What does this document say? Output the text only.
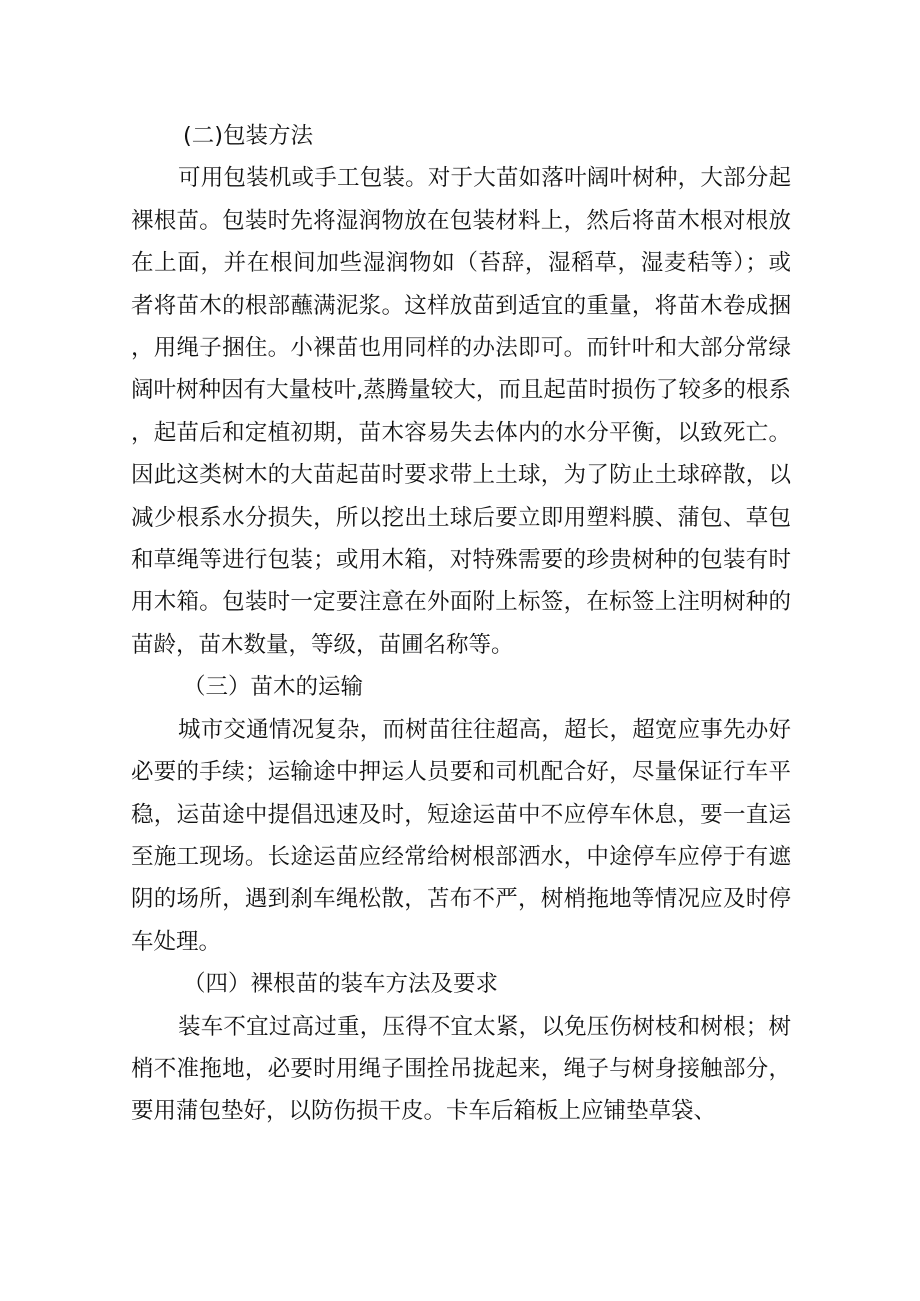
(二)包装方法

可用包装机或手工包装。对于大苗如落叶阔叶树种，大部分起裸根苗。包装时先将湿润物放在包装材料上，然后将苗木根对根放在上面，并在根间加些湿润物如（苔辞，湿稻草，湿麦秸等）；或者将苗木的根部蘸满泥浆。这样放苗到适宜的重量，将苗木卷成捆，用绳子捆住。小裸苗也用同样的办法即可。而针叶和大部分常绿阔叶树种因有大量枝叶,蒸腾量较大，而且起苗时损伤了较多的根系，起苗后和定植初期，苗木容易失去体内的水分平衡，以致死亡。因此这类树木的大苗起苗时要求带上土球，为了防止土球碎散，以减少根系水分损失，所以挖出土球后要立即用塑料膜、蒲包、草包和草绳等进行包装；或用木箱，对特殊需要的珍贵树种的包装有时用木箱。包装时一定要注意在外面附上标签，在标签上注明树种的苗龄，苗木数量，等级，苗圃名称等。

（三）苗木的运输

城市交通情况复杂，而树苗往往超高，超长，超宽应事先办好必要的手续；运输途中押运人员要和司机配合好，尽量保证行车平稳，运苗途中提倡迅速及时，短途运苗中不应停车休息，要一直运至施工现场。长途运苗应经常给树根部洒水，中途停车应停于有遮阴的场所，遇到刹车绳松散，苫布不严，树梢拖地等情况应及时停车处理。

（四）裸根苗的装车方法及要求

装车不宜过高过重，压得不宜太紧，以免压伤树枝和树根；树梢不准拖地，必要时用绳子围拴吊拢起来，绳子与树身接触部分，要用蒲包垫好，以防伤损干皮。卡车后箱板上应铺垫草袋、
